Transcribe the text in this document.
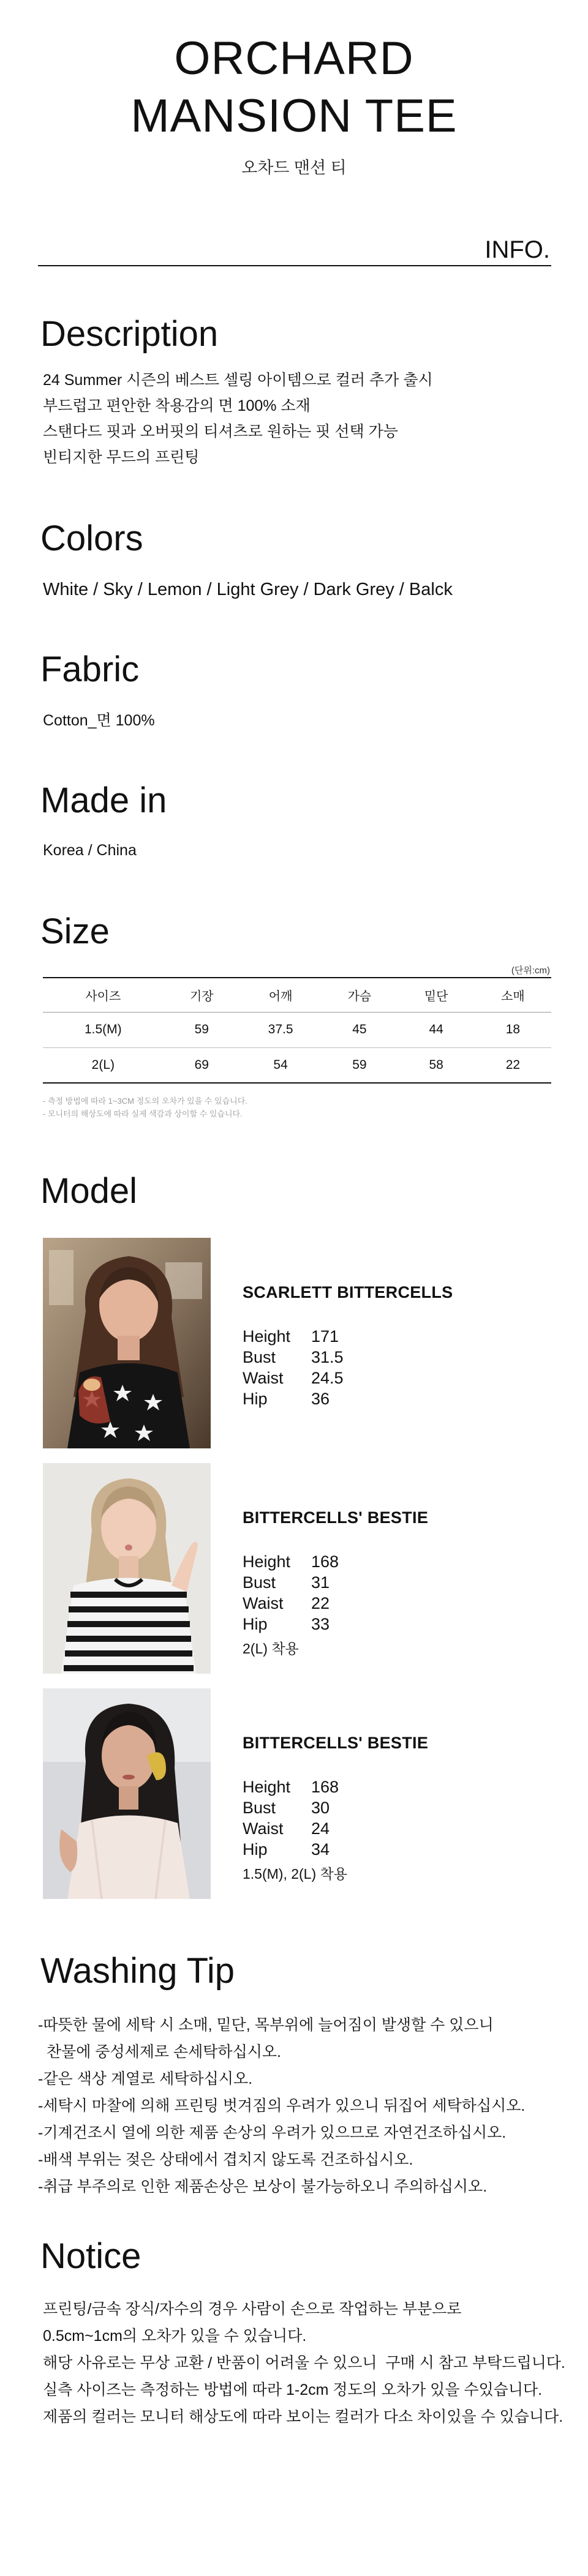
ORCHARD
MANSION TEE
오차드 맨션 티
INFO.
Description
24 Summer 시즌의 베스트 셀링 아이템으로 컬러 추가 출시
부드럽고 편안한 착용감의 면 100% 소재
스탠다드 핏과 오버핏의 티셔츠로 원하는 핏 선택 가능
빈티지한 무드의 프린팅
Colors
White / Sky / Lemon / Light Grey / Dark Grey / Balck
Fabric
Cotton_면 100%
Made in
Korea / China
Size
(단위:cm)
사이즈	기장	어깨	가슴	밑단	소매
1.5(M)	59	37.5	45	44	18
2(L)	69	54	59	58	22
- 측정 방법에 따라 1~3CM 정도의 오차가 있을 수 있습니다.
- 모니터의 해상도에 따라 실제 색감과 상이할 수 있습니다.
Model
SCARLETT BITTERCELLS
Height	171
Bust	31.5
Waist	24.5
Hip	36
BITTERCELLS' BESTIE
Height	168
Bust	31
Waist	22
Hip	33
2(L) 착용
BITTERCELLS' BESTIE
Height	168
Bust	30
Waist	24
Hip	34
1.5(M), 2(L) 착용
Washing Tip
-따뜻한 물에 세탁 시 소매, 밑단, 목부위에 늘어짐이 발생할 수 있으니
찬물에 중성세제로 손세탁하십시오.
-같은 색상 계열로 세탁하십시오.
-세탁시 마찰에 의해 프린팅 벗겨짐의 우려가 있으니 뒤집어 세탁하십시오.
-기계건조시 열에 의한 제품 손상의 우려가 있으므로 자연건조하십시오.
-배색 부위는 젖은 상태에서 겹치지 않도록 건조하십시오.
-취급 부주의로 인한 제품손상은 보상이 불가능하오니 주의하십시오.
Notice
프린팅/금속 장식/자수의 경우 사람이 손으로 작업하는 부분으로
0.5cm~1cm의 오차가 있을 수 있습니다.
해당 사유로는 무상 교환 / 반품이 어려울 수 있으니  구매 시 참고 부탁드립니다.
실측 사이즈는 측정하는 방법에 따라 1-2cm 정도의 오차가 있을 수있습니다.
제품의 컬러는 모니터 해상도에 따라 보이는 컬러가 다소 차이있을 수 있습니다.
